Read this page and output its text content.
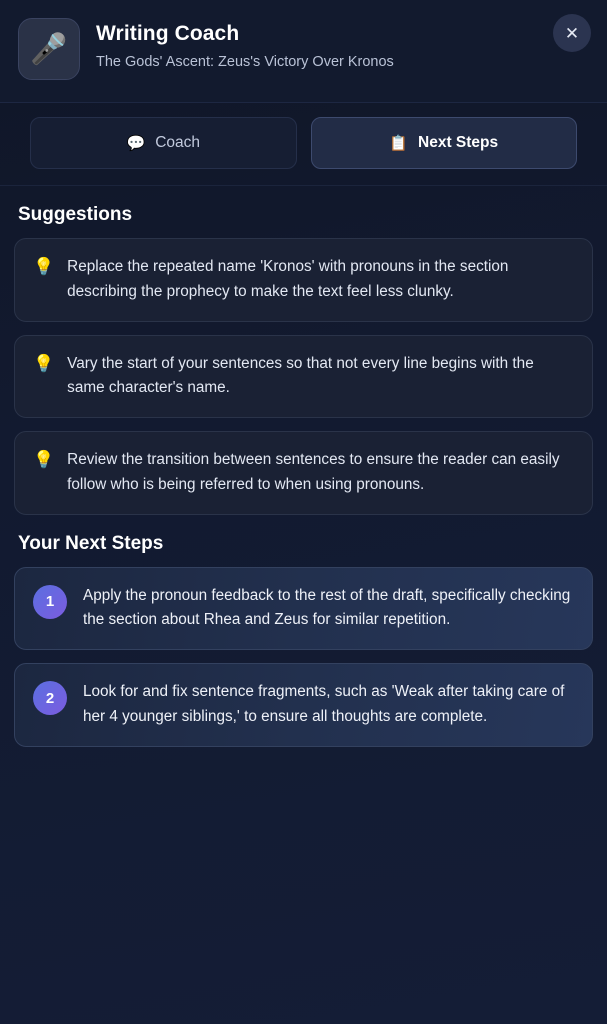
🎤 Writing Coach
The Gods' Ascent: Zeus's Victory Over Kronos
✕
💬 Coach	📋 Next Steps
Suggestions
💡 Replace the repeated name 'Kronos' with pronouns in the section describing the prophecy to make the text feel less clunky.
💡 Vary the start of your sentences so that not every line begins with the same character's name.
💡 Review the transition between sentences to ensure the reader can easily follow who is being referred to when using pronouns.
Your Next Steps
1	Apply the pronoun feedback to the rest of the draft, specifically checking the section about Rhea and Zeus for similar repetition.
2	Look for and fix sentence fragments, such as 'Weak after taking care of her 4 younger siblings,' to ensure all thoughts are complete.
